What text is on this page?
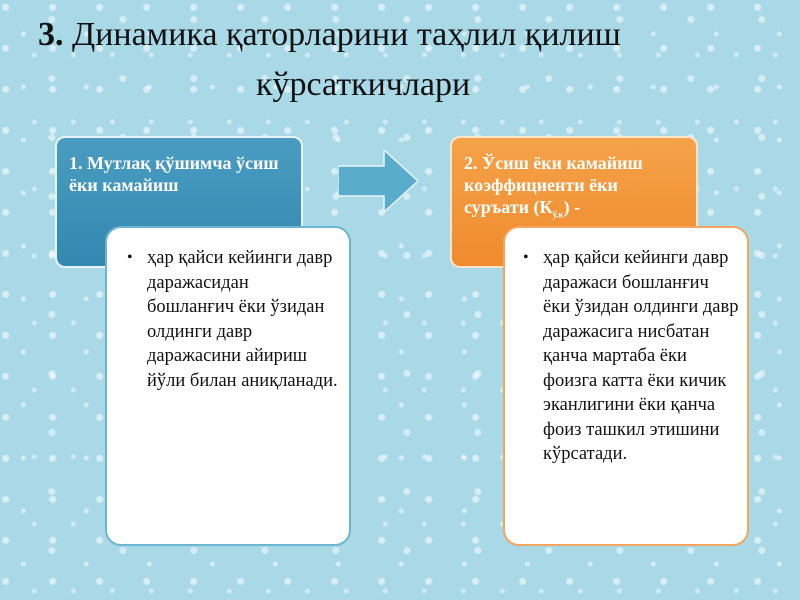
3. Динамика қаторларини таҳлил қилиш
кўрсаткичлари
1. Мутлақ қўшимча ўсиш ёки камайиш
2. Ўсиш ёки камайиш коэффициенти ёки суръати $(К_{ў.к})$ -
• ҳар қайси кейинги давр даражасидан бошланғич ёки ўзидан олдинги давр даражасини айириш йўли билан аниқланади.
• ҳар қайси кейинги давр даражаси бошланғич ёки ўзидан олдинги давр даражасига нисбатан қанча мартаба ёки фоизга катта ёки кичик эканлигини ёки қанча фоиз ташкил этишини кўрсатади.
